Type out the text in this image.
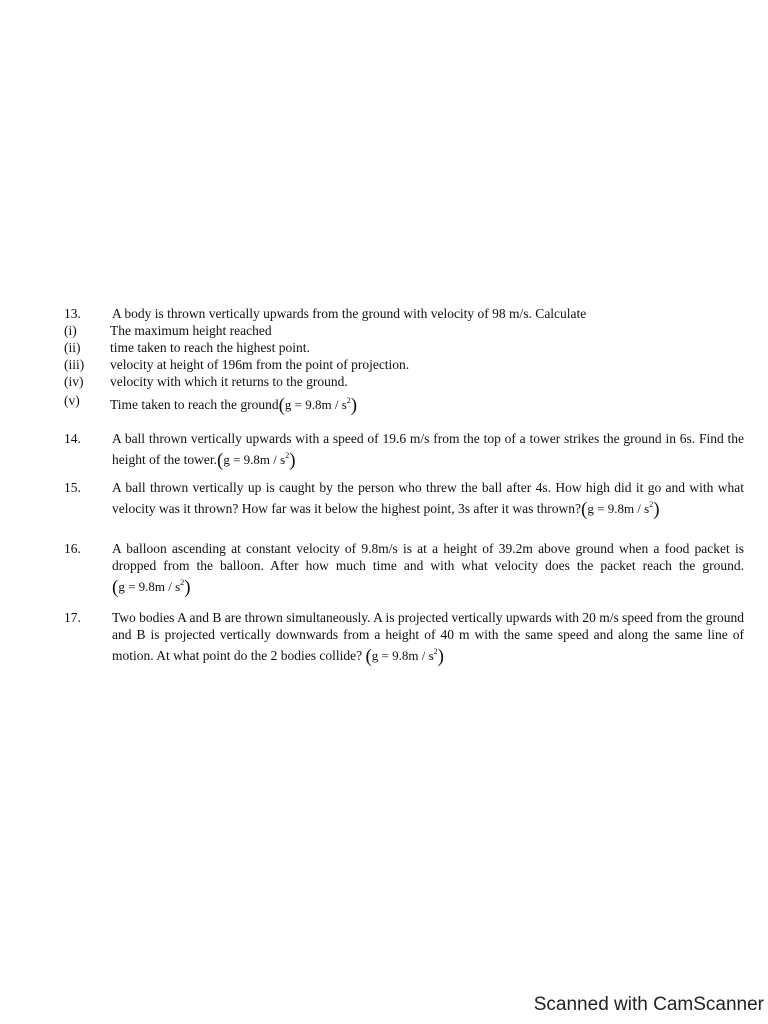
13.	A body is thrown vertically upwards from the ground with velocity of 98 m/s. Calculate
(i)	The maximum height reached
(ii)	time taken to reach the highest point.
(iii)	velocity at height of 196m from the point of projection.
(iv)	velocity with which it returns to the ground.
(v)	Time taken to reach the ground(g = $9.8m / s^2$)
14.	A ball thrown vertically upwards with a speed of 19.6 m/s from the top of a tower strikes the ground in 6s. Find the height of the tower.(g = $9.8m / s^2$)
15.	A ball thrown vertically up is caught by the person who threw the ball after 4s. How high did it go and with what velocity was it thrown? How far was it below the highest point, 3s after it was thrown?(g = $9.8m / s^2$)
16.	A balloon ascending at constant velocity of 9.8m/s is at a height of 39.2m above ground when a food packet is dropped from the balloon. After how much time and with what velocity does the packet reach the ground. $(g = 9.8m / s^2)$
17.	Two bodies A and B are thrown simultaneously. A is projected vertically upwards with 20 m/s speed from the ground and B is projected vertically downwards from a height of 40 m with the same speed and along the same line of motion. At what point do the 2 bodies collide? $(g = 9.8m / s^2)$
Scanned with CamScanner
